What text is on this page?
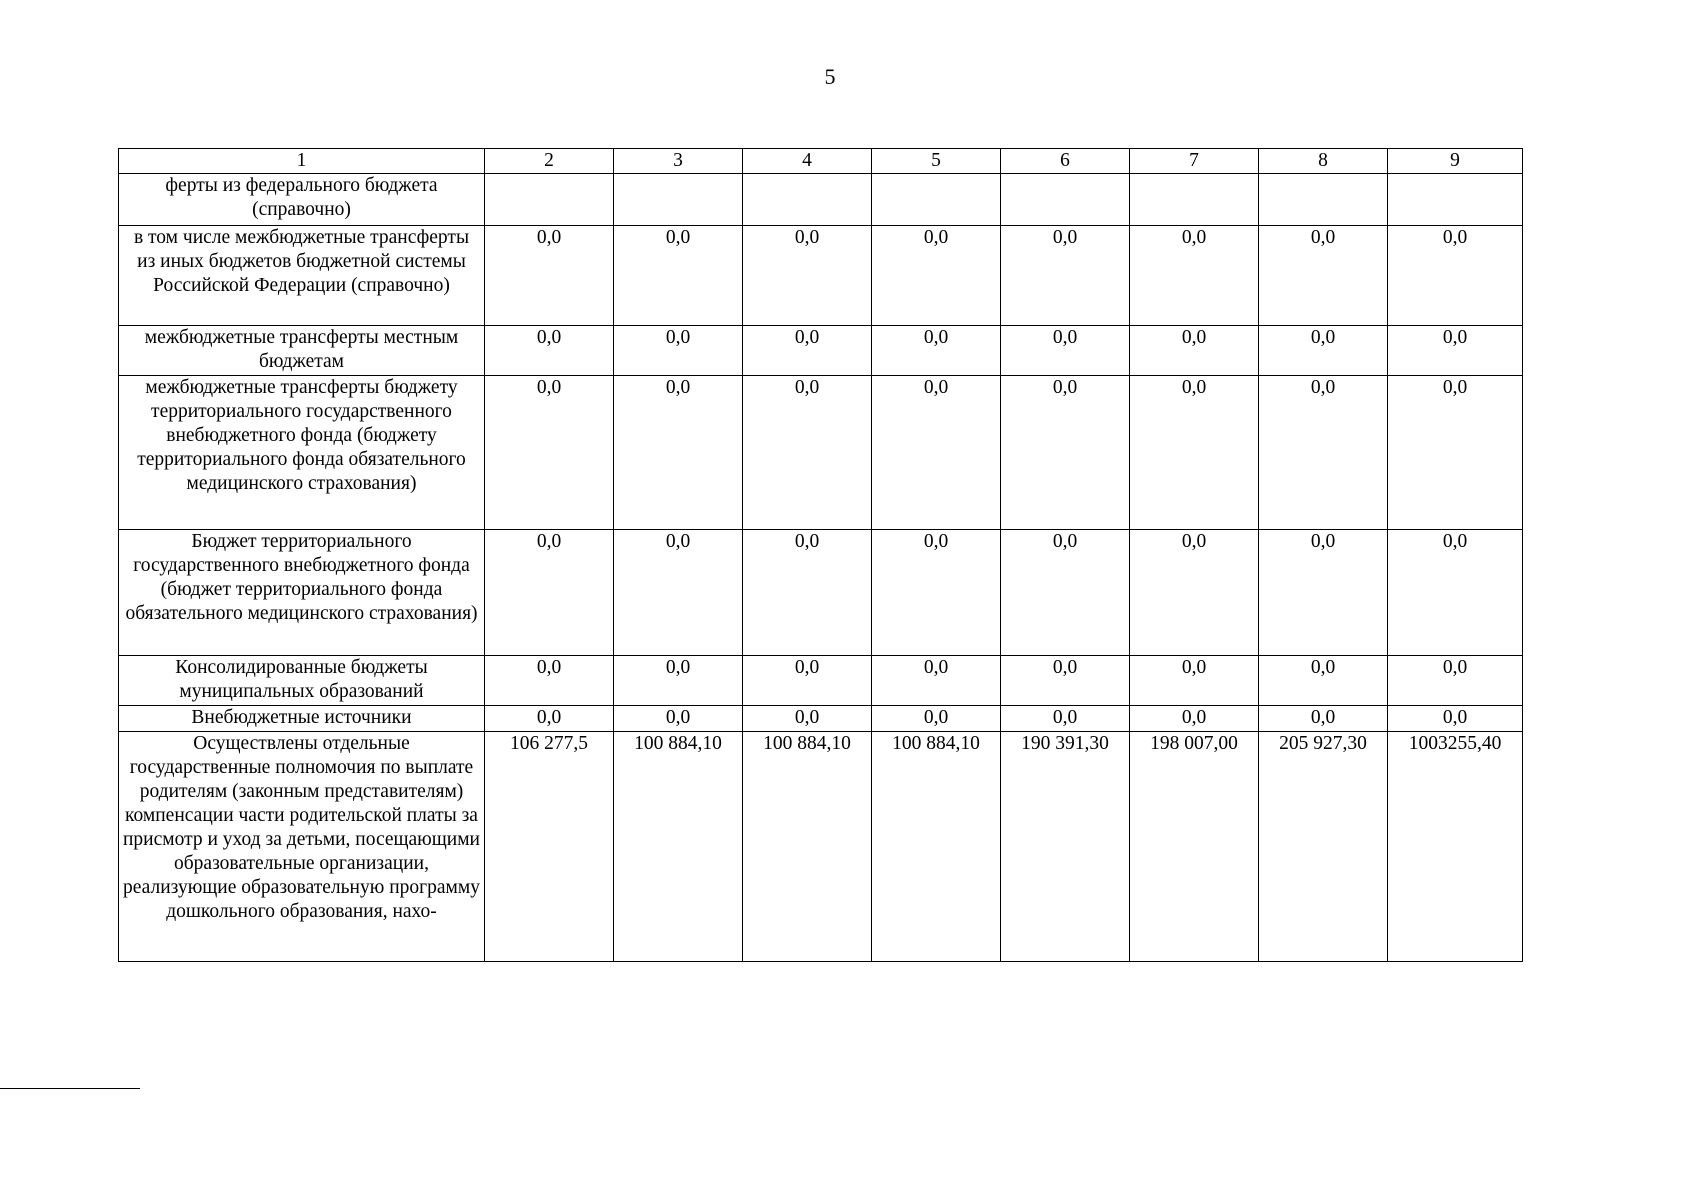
5
1	2	3	4	5	6	7	8	9
ферты из федерального бюджета (справочно)								
в том числе межбюджетные трансферты из иных бюджетов бюджетной системы Российской Федерации (справочно)	0,0	0,0	0,0	0,0	0,0	0,0	0,0	0,0
межбюджетные трансферты местным бюджетам	0,0	0,0	0,0	0,0	0,0	0,0	0,0	0,0
межбюджетные трансферты бюджету территориального государственного внебюджетного фонда (бюджету территориального фонда обязательного медицинского страхования)	0,0	0,0	0,0	0,0	0,0	0,0	0,0	0,0
Бюджет территориального государственного внебюджетного фонда (бюджет территориального фонда обязательного медицинского страхования)	0,0	0,0	0,0	0,0	0,0	0,0	0,0	0,0
Консолидированные бюджеты муниципальных образований	0,0	0,0	0,0	0,0	0,0	0,0	0,0	0,0
Внебюджетные источники	0,0	0,0	0,0	0,0	0,0	0,0	0,0	0,0
Осуществлены отдельные государственные полномочия по выплате родителям (законным представителям) компенсации части родительской платы за присмотр и уход за детьми, посещающими образовательные организации, реализующие образовательную программу дошкольного образования, нахо-	106 277,5	100 884,10	100 884,10	100 884,10	190 391,30	198 007,00	205 927,30	1003255,40
